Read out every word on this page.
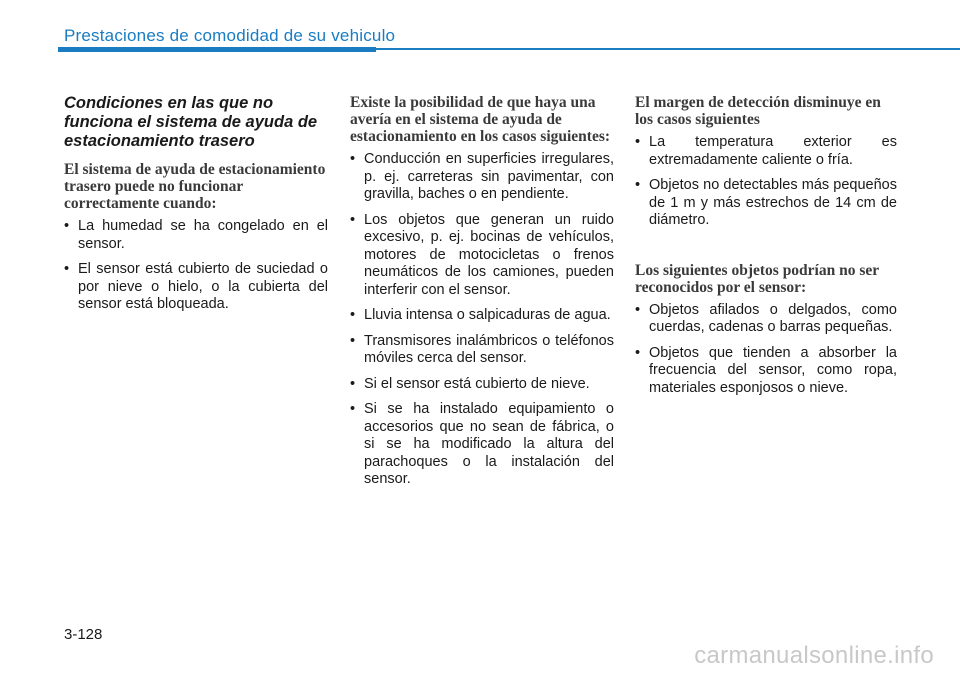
Prestaciones de comodidad de su vehiculo
Condiciones en las que no funciona el sistema de ayuda de estacionamiento trasero
El sistema de ayuda de estacionamiento trasero puede no funcionar correctamente cuando:
• La humedad se ha congelado en el sensor.
• El sensor está cubierto de suciedad o por nieve o hielo, o la cubierta del sensor está bloqueada.
Existe la posibilidad de que haya una avería en el sistema de ayuda de estacionamiento en los casos siguientes:
• Conducción en superficies irregulares, p. ej. carreteras sin pavimentar, con gravilla, baches o en pendiente.
• Los objetos que generan un ruido excesivo, p. ej. bocinas de vehículos, motores de motocicletas o frenos neumáticos de los camiones, pueden interferir con el sensor.
• Lluvia intensa o salpicaduras de agua.
• Transmisores inalámbricos o teléfonos móviles cerca del sensor.
• Si el sensor está cubierto de nieve.
• Si se ha instalado equipamiento o accesorios que no sean de fábrica, o si se ha modificado la altura del parachoques o la instalación del sensor.
El margen de detección disminuye en los casos siguientes
• La temperatura exterior es extremadamente caliente o fría.
• Objetos no detectables más pequeños de 1 m y más estrechos de 14 cm de diámetro.
Los siguientes objetos podrían no ser reconocidos por el sensor:
• Objetos afilados o delgados, como cuerdas, cadenas o barras pequeñas.
• Objetos que tienden a absorber la frecuencia del sensor, como ropa, materiales esponjosos o nieve.
3-128
carmanualsonline.info
